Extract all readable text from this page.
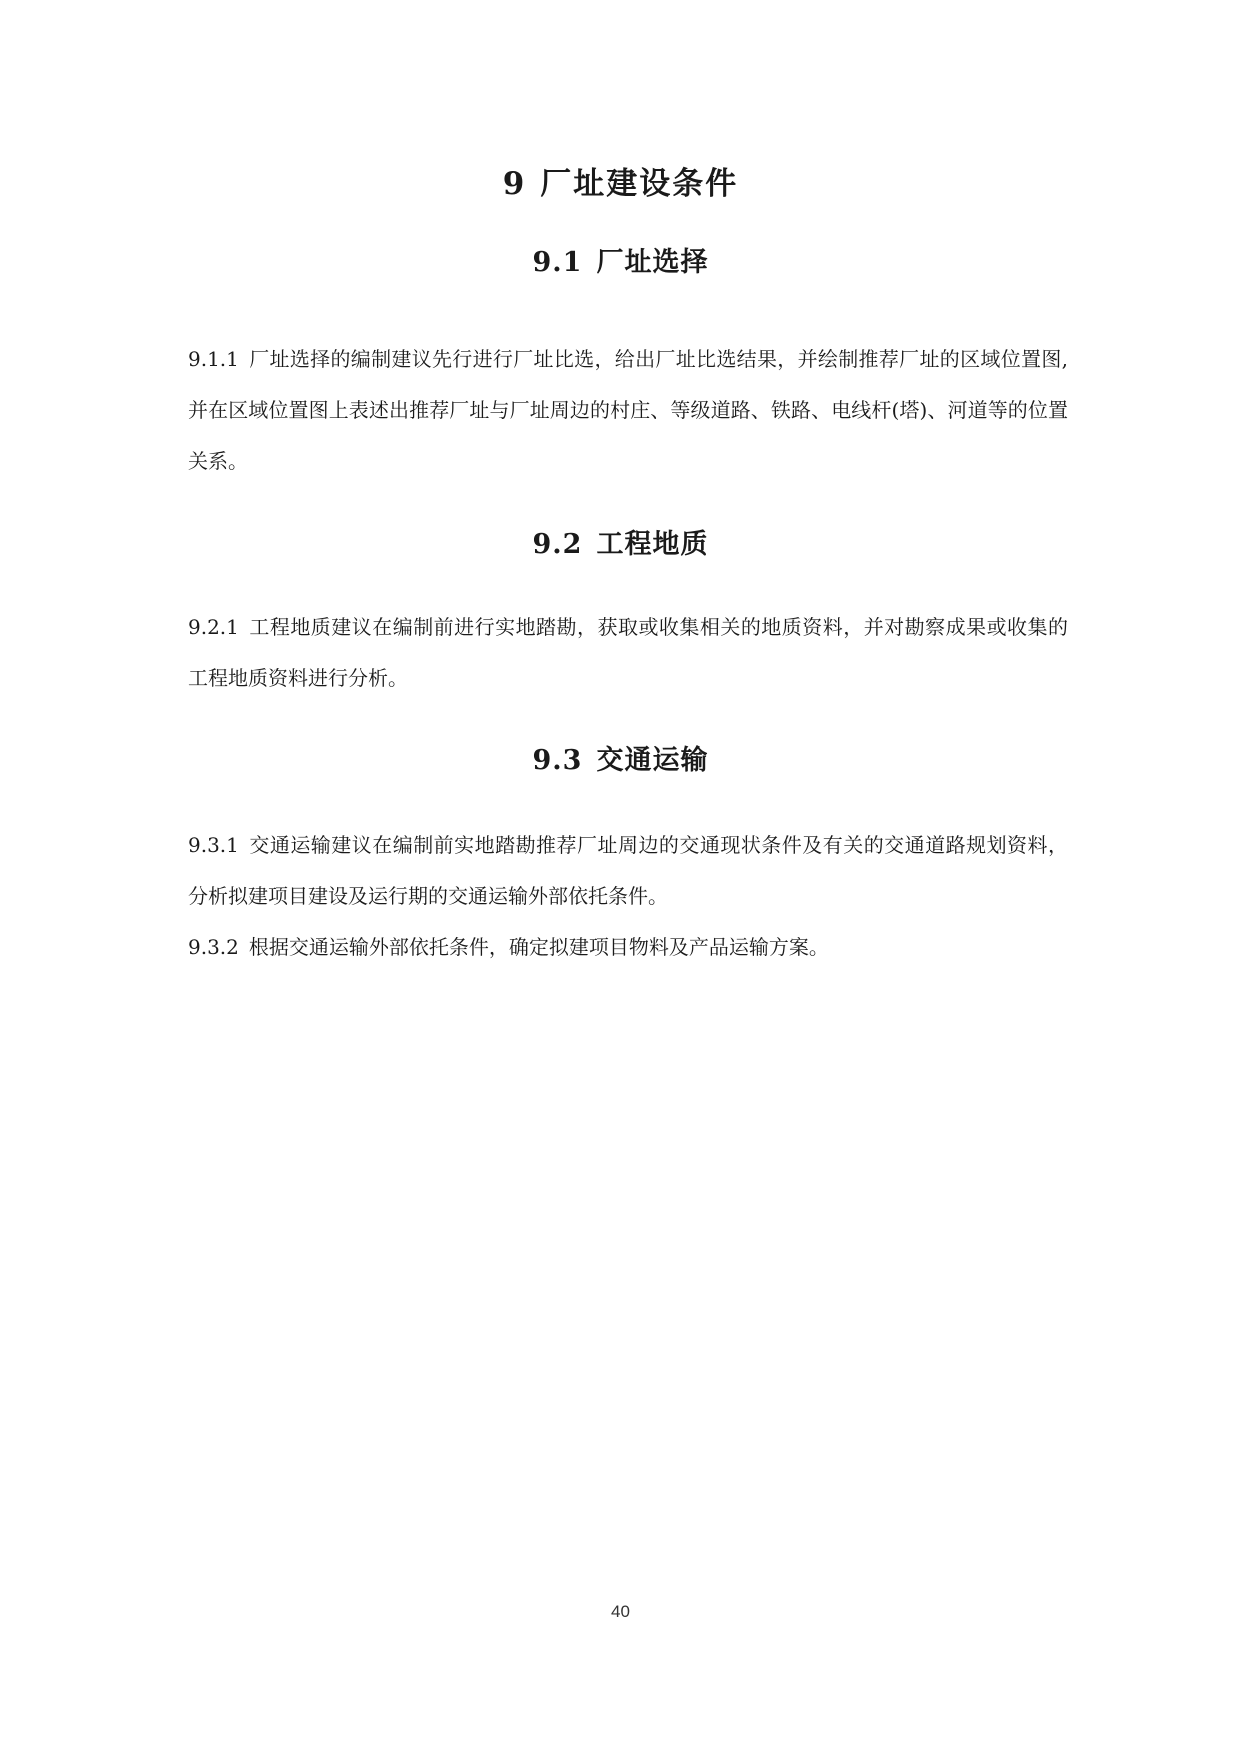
9 厂址建设条件
9.1 厂址选择

9.1.1 厂址选择的编制建议先行进行厂址比选，给出厂址比选结果，并绘制推荐厂址的区域位置图,并在区域位置图上表述出推荐厂址与厂址周边的村庄、等级道路、铁路、电线杆(塔)、河道等的位置关系。

9.2 工程地质

9.2.1 工程地质建议在编制前进行实地踏勘，获取或收集相关的地质资料，并对勘察成果或收集的工程地质资料进行分析。

9.3 交通运输

9.3.1 交通运输建议在编制前实地踏勘推荐厂址周边的交通现状条件及有关的交通道路规划资料，分析拟建项目建设及运行期的交通运输外部依托条件。

9.3.2 根据交通运输外部依托条件，确定拟建项目物料及产品运输方案。

40
